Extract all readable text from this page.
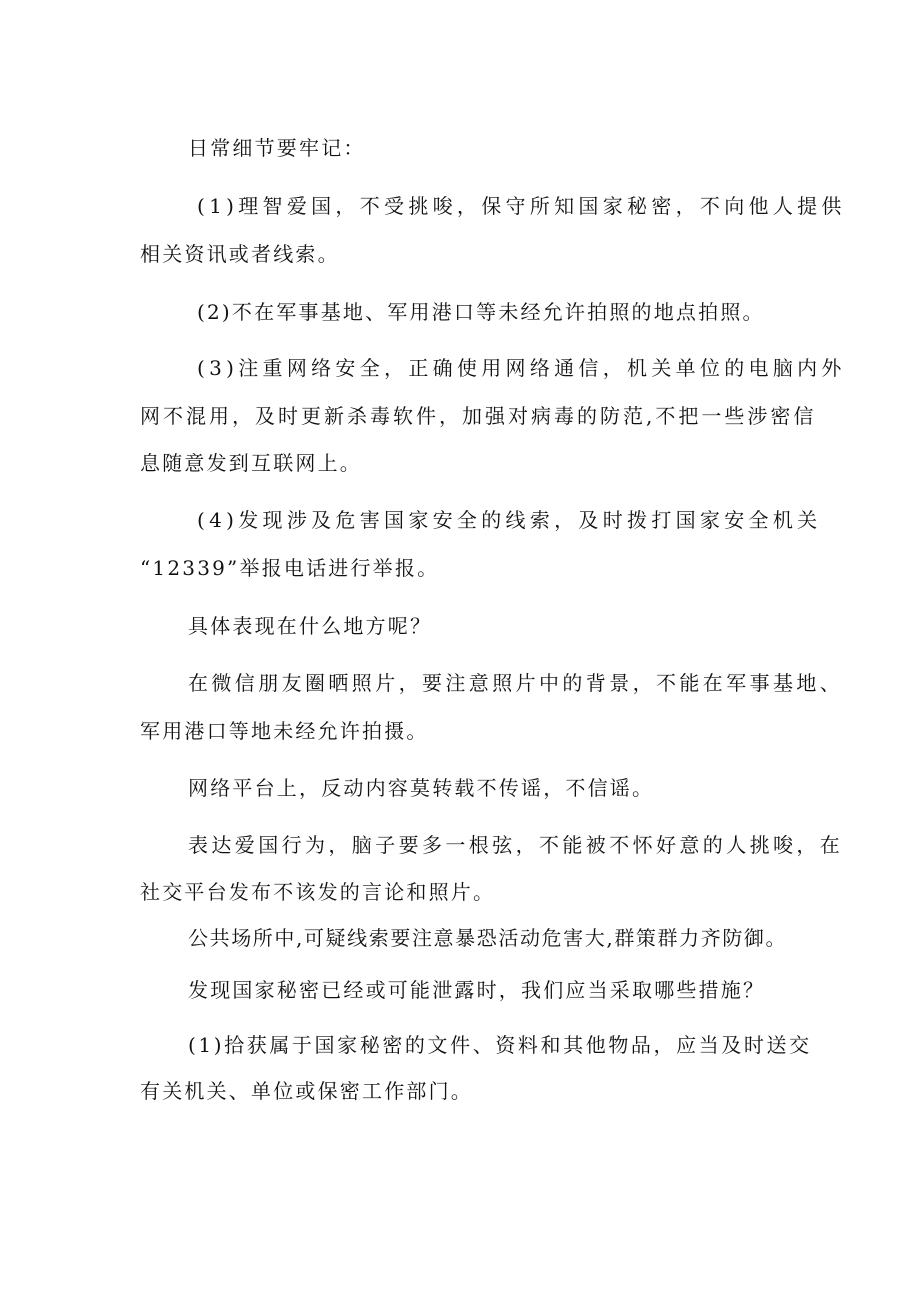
日常细节要牢记：
(1)理智爱国，不受挑唆，保守所知国家秘密，不向他人提供
相关资讯或者线索。
(2)不在军事基地、军用港口等未经允许拍照的地点拍照。
(3)注重网络安全，正确使用网络通信，机关单位的电脑内外
网不混用，及时更新杀毒软件，加强对病毒的防范,不把一些涉密信
息随意发到互联网上。
(4)发现涉及危害国家安全的线索，及时拨打国家安全机关
“12339”举报电话进行举报。
具体表现在什么地方呢？
在微信朋友圈晒照片，要注意照片中的背景，不能在军事基地、
军用港口等地未经允许拍摄。
网络平台上，反动内容莫转载不传谣，不信谣。
表达爱国行为，脑子要多一根弦，不能被不怀好意的人挑唆，在
社交平台发布不该发的言论和照片。
公共场所中,可疑线索要注意暴恐活动危害大,群策群力齐防御。
发现国家秘密已经或可能泄露时，我们应当采取哪些措施？
(1)拾获属于国家秘密的文件、资料和其他物品，应当及时送交
有关机关、单位或保密工作部门。
